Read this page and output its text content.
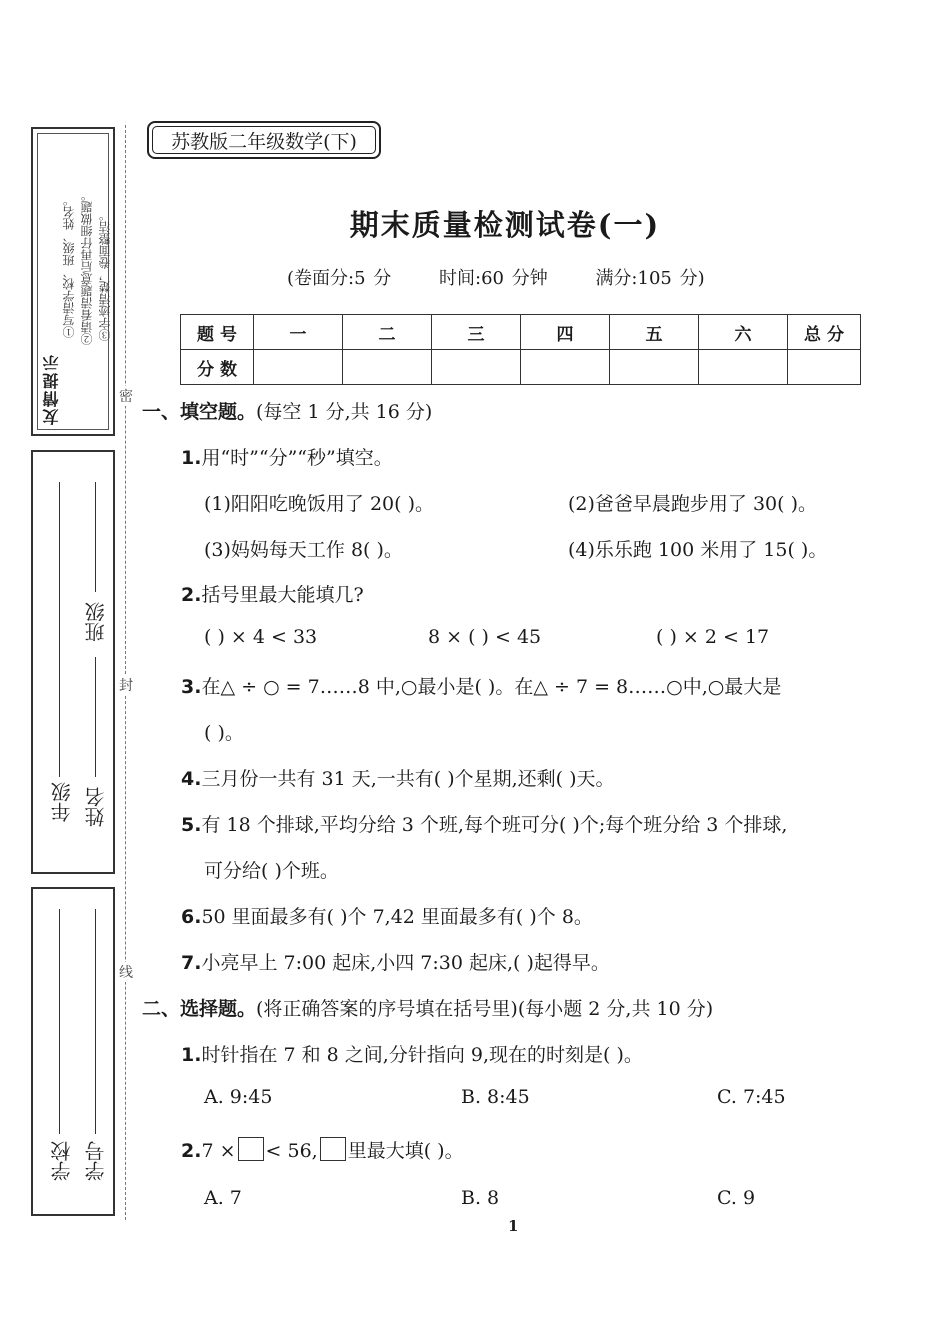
友情提示
①写清学校、班级、姓名。 ②请看清题意后再仔细做题。 ③字迹清楚，卷面整洁。
年级
班级
姓名
学校 学号
密
封
线
苏教版二年级数学(下)
期末质量检测试卷(一)
(卷面分:5 分	时间:60 分钟	满分:105 分)
题 号	一	二	三	四	五	六	总 分
分 数							
一、填空题。(每空 1 分,共 16 分)
1.用“时”“分”“秒”填空。
(1)阳阳吃晚饭用了 20( )。	(2)爸爸早晨跑步用了 30( )。
(3)妈妈每天工作 8( )。	(4)乐乐跑 100 米用了 15( )。
2.括号里最大能填几?
( ) × 4 < 33	8 × ( ) < 45	( ) × 2 < 17
3.在△ ÷ ○ = 7……8 中,○最小是( )。在△ ÷ 7 = 8……○中,○最大是
( )。
4.三月份一共有 31 天,一共有( )个星期,还剩( )天。
5.有 18 个排球,平均分给 3 个班,每个班可分( )个;每个班分给 3 个排球,
可分给( )个班。
6.50 里面最多有( )个 7,42 里面最多有( )个 8。
7.小亮早上 7:00 起床,小四 7:30 起床,( )起得早。
二、选择题。(将正确答案的序号填在括号里)(每小题 2 分,共 10 分)
1.时针指在 7 和 8 之间,分针指向 9,现在的时刻是( )。
A. 9:45	B. 8:45	C. 7:45
2.7 × < 56, 里最大填( )。
A. 7	B. 8	C. 9
1
